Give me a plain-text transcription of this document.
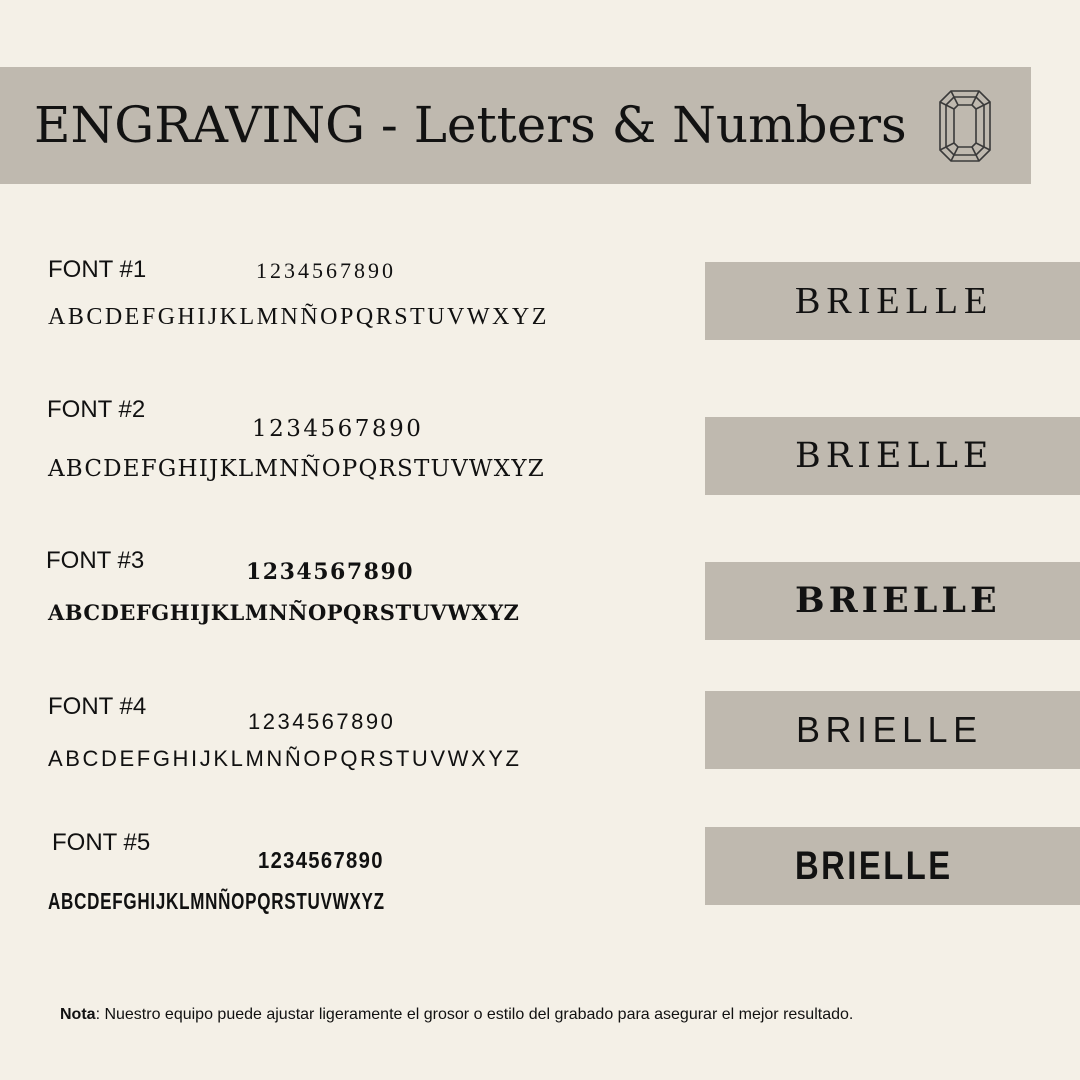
ENGRAVING - Letters & Numbers
FONT #1	1234567890
ABCDEFGHIJKLMNÑOPQRSTUVWXYZ	BRIELLE
FONT #2
1234567890
ABCDEFGHIJKLMNÑOPQRSTUVWXYZ	BRIELLE
FONT #3	1234567890
ABCDEFGHIJKLMNÑOPQRSTUVWXYZ	BRIELLE
FONT #4
1234567890
ABCDEFGHIJKLMNÑOPQRSTUVWXYZ
BRIELLE
FONT #5
1234567890
ABCDEFGHIJKLMNÑOPQRSTUVWXYZ
BRIELLE
Nota: Nuestro equipo puede ajustar ligeramente el grosor o estilo del grabado para asegurar el mejor resultado.
